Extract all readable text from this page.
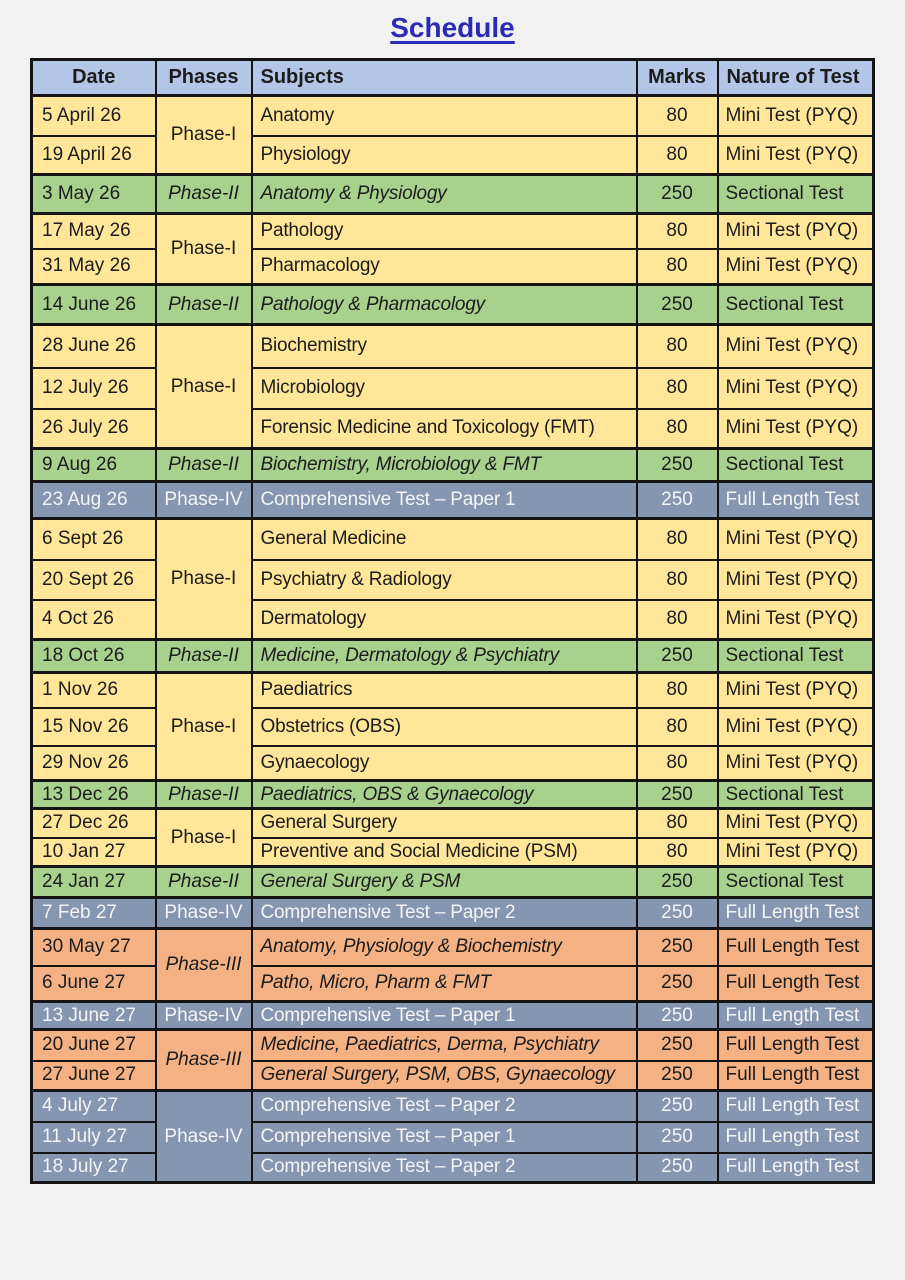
Schedule
Date	Phases	Subjects	Marks	Nature of Test
5 April 26	Phase-I	Anatomy	80	Mini Test (PYQ)
19 April 26		Physiology	80	Mini Test (PYQ)
3 May 26	Phase-II	Anatomy & Physiology	250	Sectional Test
17 May 26	Phase-I	Pathology	80	Mini Test (PYQ)
31 May 26		Pharmacology	80	Mini Test (PYQ)
14 June 26	Phase-II	Pathology & Pharmacology	250	Sectional Test
28 June 26	Phase-I	Biochemistry	80	Mini Test (PYQ)
12 July 26		Microbiology	80	Mini Test (PYQ)
26 July 26		Forensic Medicine and Toxicology (FMT)	80	Mini Test (PYQ)
9 Aug 26	Phase-II	Biochemistry, Microbiology & FMT	250	Sectional Test
23 Aug 26	Phase-IV	Comprehensive Test – Paper 1	250	Full Length Test
6 Sept 26	Phase-I	General Medicine	80	Mini Test (PYQ)
20 Sept 26		Psychiatry & Radiology	80	Mini Test (PYQ)
4 Oct 26		Dermatology	80	Mini Test (PYQ)
18 Oct 26	Phase-II	Medicine, Dermatology & Psychiatry	250	Sectional Test
1 Nov 26	Phase-I	Paediatrics	80	Mini Test (PYQ)
15 Nov 26		Obstetrics (OBS)	80	Mini Test (PYQ)
29 Nov 26		Gynaecology	80	Mini Test (PYQ)
13 Dec 26	Phase-II	Paediatrics, OBS & Gynaecology	250	Sectional Test
27 Dec 26	Phase-I	General Surgery	80	Mini Test (PYQ)
10 Jan 27		Preventive and Social Medicine (PSM)	80	Mini Test (PYQ)
24 Jan 27	Phase-II	General Surgery & PSM	250	Sectional Test
7 Feb 27	Phase-IV	Comprehensive Test – Paper 2	250	Full Length Test
30 May 27	Phase-III	Anatomy, Physiology & Biochemistry	250	Full Length Test
6 June 27		Patho, Micro, Pharm & FMT	250	Full Length Test
13 June 27	Phase-IV	Comprehensive Test – Paper 1	250	Full Length Test
20 June 27	Phase-III	Medicine, Paediatrics, Derma, Psychiatry	250	Full Length Test
27 June 27		General Surgery, PSM, OBS, Gynaecology	250	Full Length Test
4 July 27	Phase-IV	Comprehensive Test – Paper 2	250	Full Length Test
11 July 27		Comprehensive Test – Paper 1	250	Full Length Test
18 July 27		Comprehensive Test – Paper 2	250	Full Length Test
